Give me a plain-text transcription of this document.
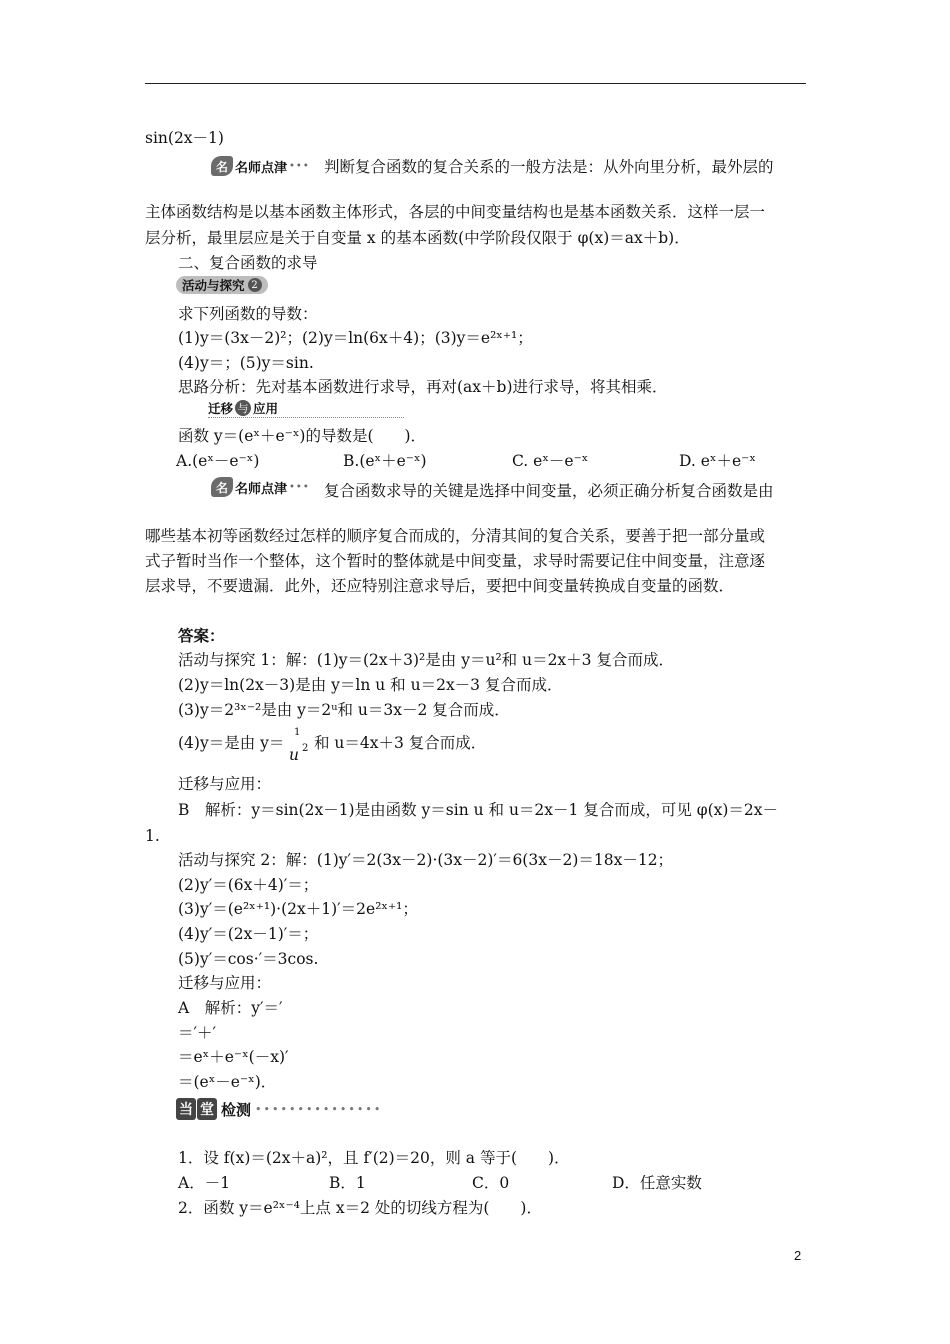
sin(2x－1)
名 名师点津 ••• 判断复合函数的复合关系的一般方法是：从外向里分析，最外层的
主体函数结构是以基本函数主体形式，各层的中间变量结构也是基本函数关系．这样一层一
层分析，最里层应是关于自变量 x 的基本函数(中学阶段仅限于 φ(x)＝ax＋b)．
二、复合函数的求导
活动与探究 2
求下列函数的导数：
(1)y＝(3x－2)²；(2)y＝ln(6x＋4)；(3)y＝e²ˣ⁺¹；
(4)y＝；(5)y＝sin.
思路分析：先对基本函数进行求导，再对(ax＋b)进行求导，将其相乘．
迁移 与 应用
函数 y＝(eˣ＋e⁻ˣ)的导数是(　　)．
A.(eˣ－e⁻ˣ)	B.(eˣ＋e⁻ˣ)	C. eˣ－e⁻ˣ	D. eˣ＋e⁻ˣ
名 名师点津 ••• 复合函数求导的关键是选择中间变量，必须正确分析复合函数是由
哪些基本初等函数经过怎样的顺序复合而成的，分清其间的复合关系，要善于把一部分量或
式子暂时当作一个整体，这个暂时的整体就是中间变量，求导时需要记住中间变量，注意逐
层求导，不要遗漏．此外，还应特别注意求导后，要把中间变量转换成自变量的函数．
答案：
活动与探究 1：解：(1)y＝(2x＋3)²是由 y＝u²和 u＝2x＋3 复合而成．
(2)y＝ln(2x－3)是由 y＝ln u 和 u＝2x－3 复合而成．
(3)y＝2³ˣ⁻²是由 y＝2ᵘ和 u＝3x－2 复合而成．
(4)y＝是由 y＝
1
u 2 和 u＝4x＋3 复合而成．
迁移与应用：
B　解析：y＝sin(2x－1)是由函数 y＝sin u 和 u＝2x－1 复合而成，可见 φ(x)＝2x－
1.
活动与探究 2：解：(1)y′＝2(3x－2)·(3x－2)′＝6(3x－2)＝18x－12；
(2)y′＝(6x＋4)′＝；
(3)y′＝(e²ˣ⁺¹)·(2x＋1)′＝2e²ˣ⁺¹；
(4)y′＝(2x－1)′＝；
(5)y′＝cos·′＝3cos.
迁移与应用：
A　解析：y′＝′
＝′＋′
＝eˣ＋e⁻ˣ(－x)′
＝(eˣ－e⁻ˣ)．
当 堂 检测 •••••••••••••••
1．设 f(x)＝(2x＋a)²，且 f′(2)＝20，则 a 等于(　　)．
A．－1	B．1	C．0	D．任意实数
2．函数 y＝e²ˣ⁻⁴上点 x＝2 处的切线方程为(　　)．
2
